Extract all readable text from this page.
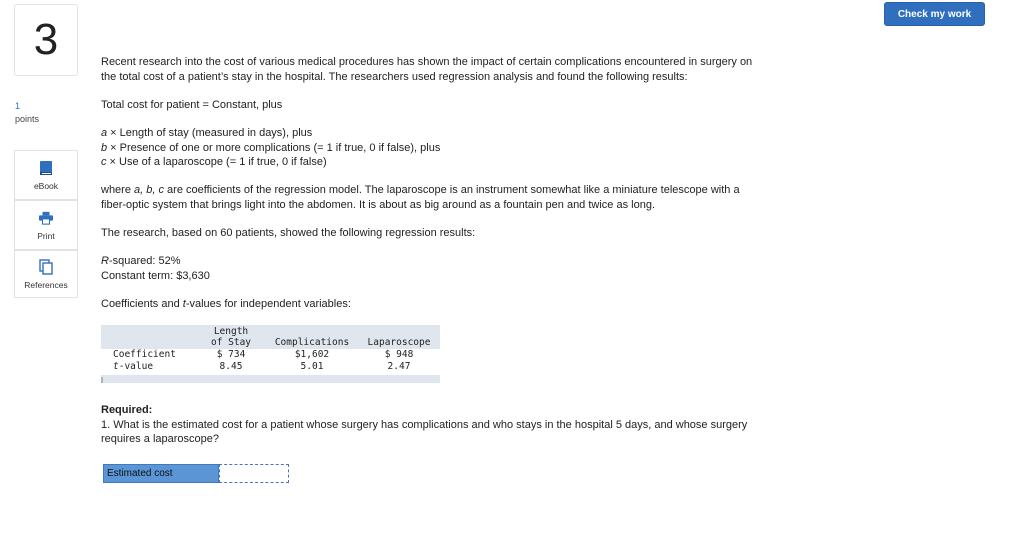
Check my work
3
1
points
eBook
Print
References
Recent research into the cost of various medical procedures has shown the impact of certain complications encountered in surgery on
the total cost of a patient’s stay in the hospital. The researchers used regression analysis and found the following results:
Total cost for patient = Constant, plus
a × Length of stay (measured in days), plus
b × Presence of one or more complications (= 1 if true, 0 if false), plus
c × Use of a laparoscope (= 1 if true, 0 if false)
where a, b, c are coefficients of the regression model. The laparoscope is an instrument somewhat like a miniature telescope with a
fiber-optic system that brings light into the abdomen. It is about as big around as a fountain pen and twice as long.
The research, based on 60 patients, showed the following regression results:
R-squared: 52%
Constant term: $3,630
Coefficients and t-values for independent variables:
Length
of Stay	Complications	Laparoscope
Coefficient	$ 734	$1,602	$ 948
t-value	8.45	5.01	2.47
Required:
1. What is the estimated cost for a patient whose surgery has complications and who stays in the hospital 5 days, and whose surgery
requires a laparoscope?
Estimated cost
